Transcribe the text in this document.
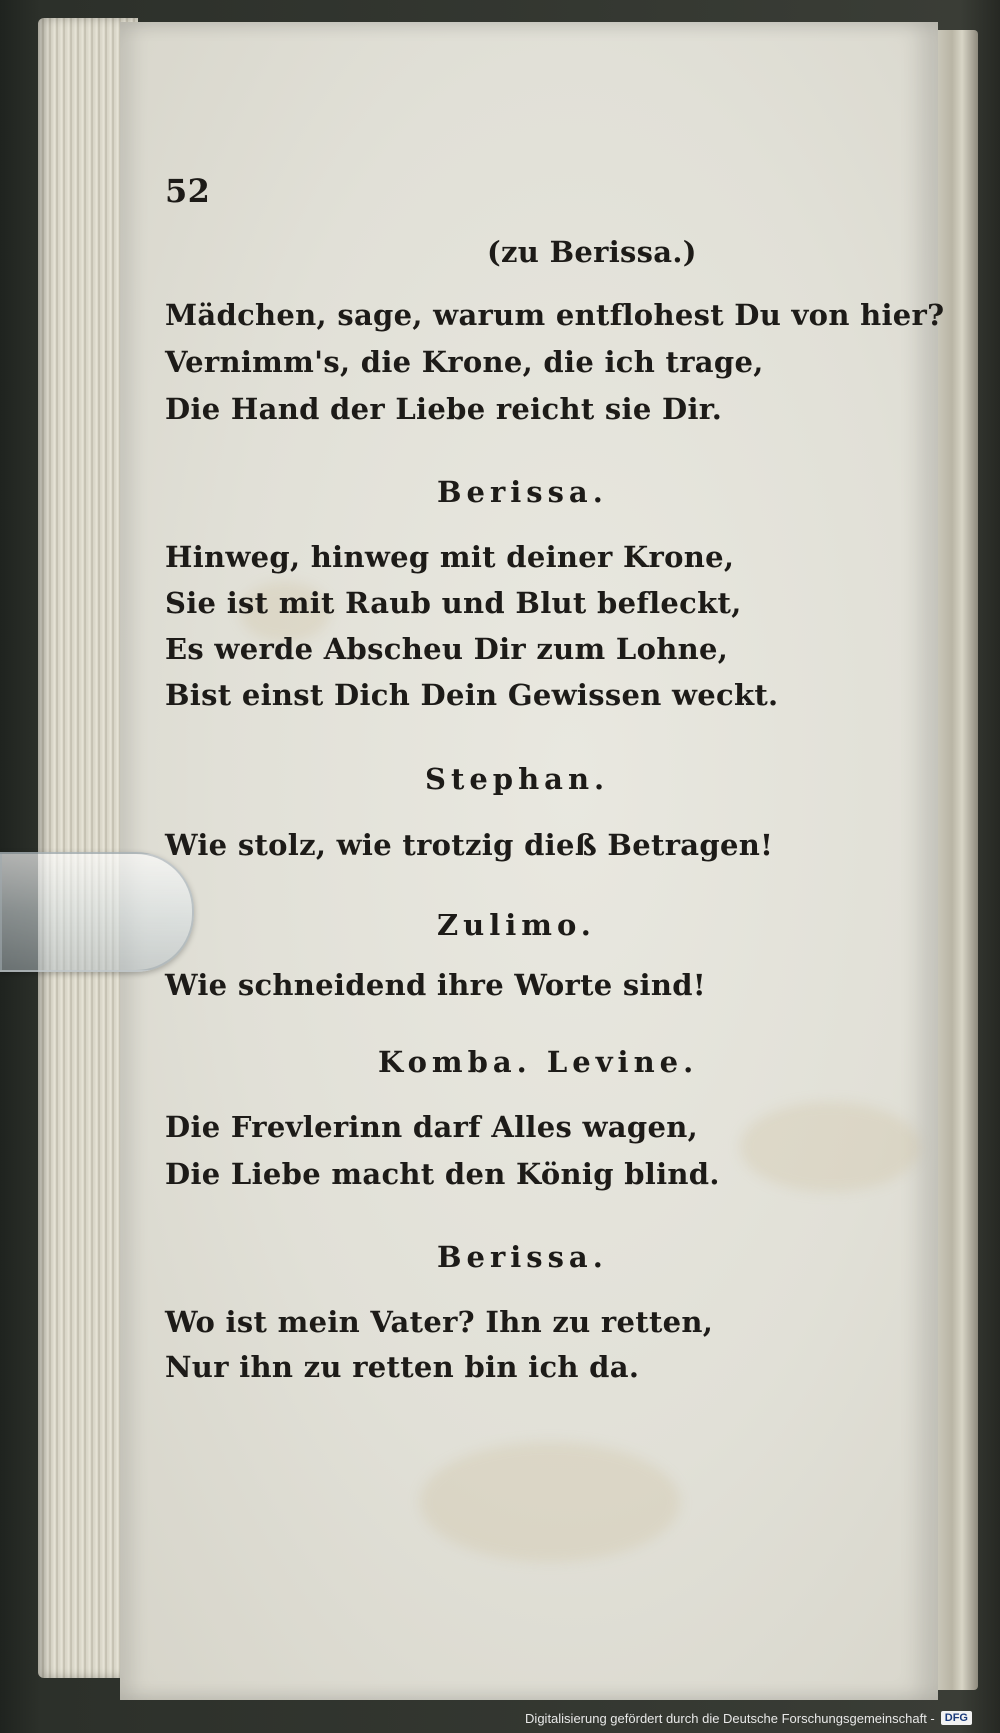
52
(zu Berissa.)
Mädchen, sage, warum entflohest Du von hier?
Vernimm's, die Krone, die ich trage,
Die Hand der Liebe reicht sie Dir.
Berissa.
Hinweg, hinweg mit deiner Krone,
Sie ist mit Raub und Blut befleckt,
Es werde Abscheu Dir zum Lohne,
Bist einst Dich Dein Gewissen weckt.
Stephan.
Wie stolz, wie trotzig dieß Betragen!
Zulimo.
Wie schneidend ihre Worte sind!
Komba. Levine.
Die Frevlerinn darf Alles wagen,
Die Liebe macht den König blind.
Berissa.
Wo ist mein Vater? Ihn zu retten,
Nur ihn zu retten bin ich da.
Digitalisierung gefördert durch die Deutsche Forschungsgemeinschaft - DFG
